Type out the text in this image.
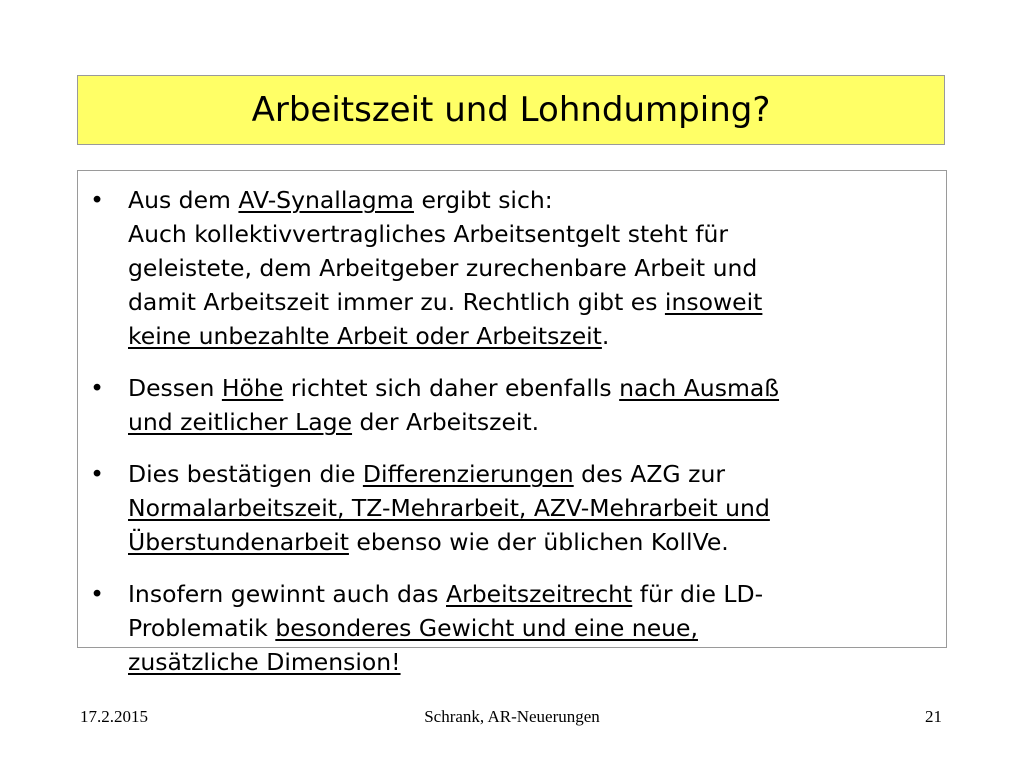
Arbeitszeit und Lohndumping?
• Aus dem AV-Synallagma ergibt sich:
Auch kollektivvertragliches Arbeitsentgelt steht für
geleistete, dem Arbeitgeber zurechenbare Arbeit und
damit Arbeitszeit immer zu. Rechtlich gibt es insoweit
keine unbezahlte Arbeit oder Arbeitszeit.
• Dessen Höhe richtet sich daher ebenfalls nach Ausmaß
und zeitlicher Lage der Arbeitszeit.
• Dies bestätigen die Differenzierungen des AZG zur
Normalarbeitszeit, TZ-Mehrarbeit, AZV-Mehrarbeit und
Überstundenarbeit ebenso wie der üblichen KollVe.
• Insofern gewinnt auch das Arbeitszeitrecht für die LD-
Problematik besonderes Gewicht und eine neue,
zusätzliche Dimension!
17.2.2015	Schrank, AR-Neuerungen	21
